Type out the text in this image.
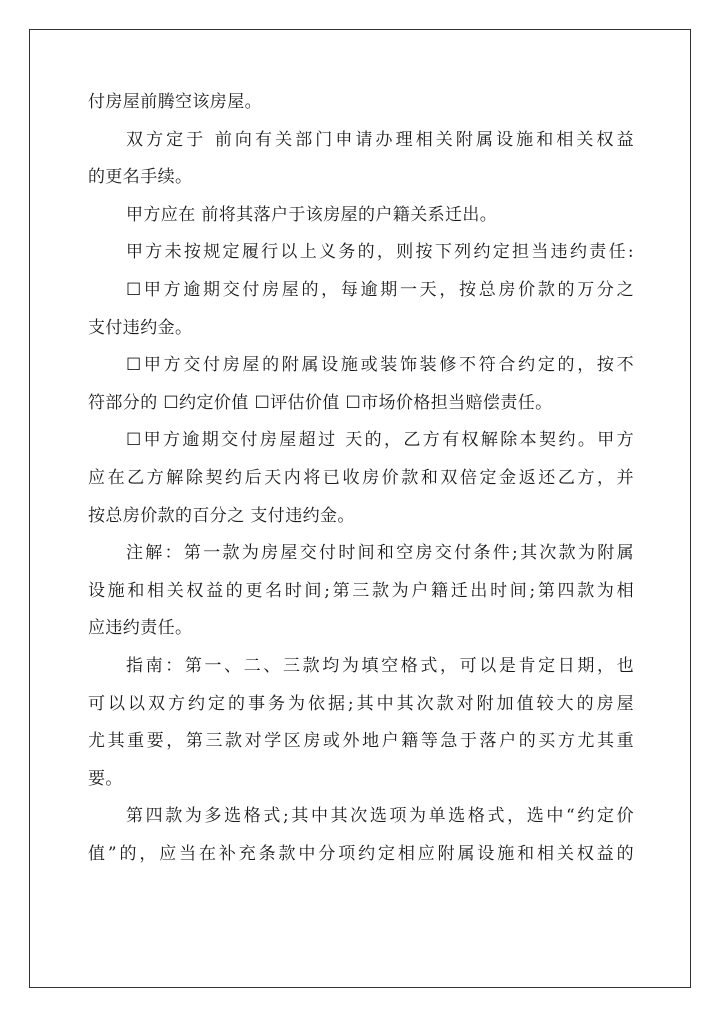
付房屋前腾空该房屋。
双方定于 前向有关部门申请办理相关附属设施和相关权益
的更名手续。
甲方应在 前将其落户于该房屋的户籍关系迁出。
甲方未按规定履行以上义务的，则按下列约定担当违约责任:
☐甲方逾期交付房屋的，每逾期一天，按总房价款的万分之
支付违约金。
☐甲方交付房屋的附属设施或装饰装修不符合约定的，按不
符部分的 ☐约定价值 ☐评估价值 ☐市场价格担当赔偿责任。
☐甲方逾期交付房屋超过 天的，乙方有权解除本契约。甲方
应在乙方解除契约后天内将已收房价款和双倍定金返还乙方，并
按总房价款的百分之 支付违约金。
注解：第一款为房屋交付时间和空房交付条件;其次款为附属
设施和相关权益的更名时间;第三款为户籍迁出时间;第四款为相
应违约责任。
指南：第一、二、三款均为填空格式，可以是肯定日期，也
可以以双方约定的事务为依据;其中其次款对附加值较大的房屋
尤其重要，第三款对学区房或外地户籍等急于落户的买方尤其重
要。
第四款为多选格式;其中其次选项为单选格式，选中“约定价
值”的，应当在补充条款中分项约定相应附属设施和相关权益的
